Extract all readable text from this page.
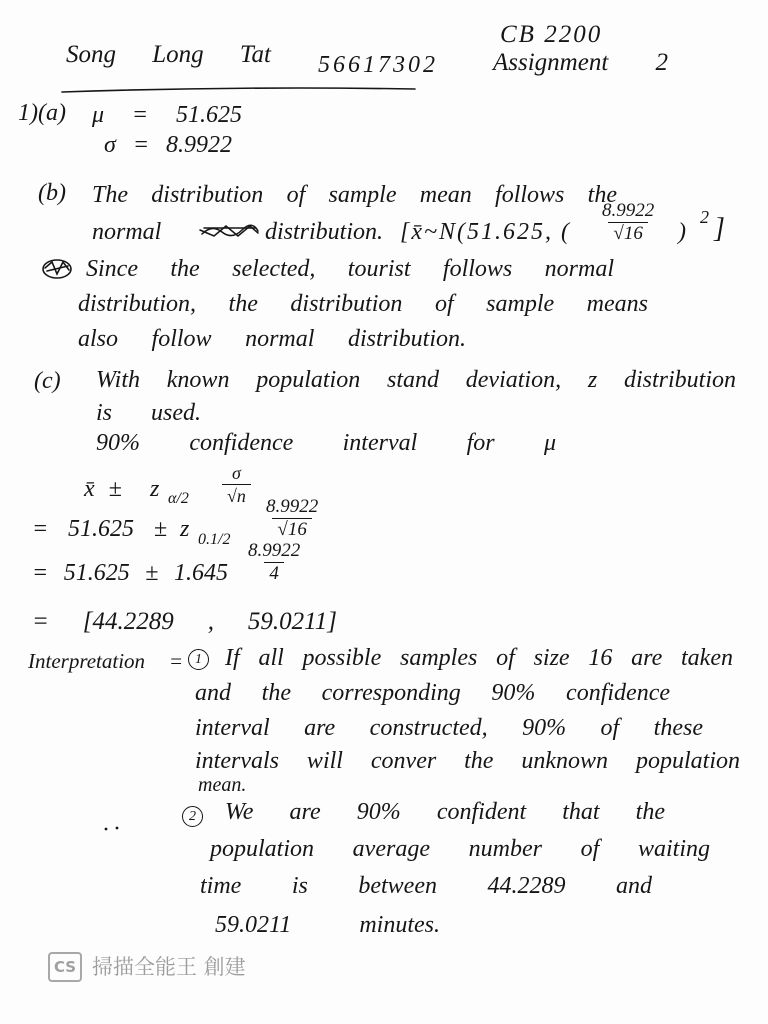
CB 2200
Assignment 2
Song Long Tat 56617302
1)(a) μ = 51.625
σ = 8.9922
(b) The distribution of sample mean follows the
normal	distribution. [x̄~N(51.625, ( $\frac{8.9922}{√16}$ )
2 ]
Since the selected, tourist follows normal
distribution, the distribution of sample means
also follow normal distribution.
(c) With known population stand deviation, z distribution
is used.
90% confidence interval for μ
x̄ ± z $\alpha/2 \frac{\sigma}{√n}$
= 51.625 ± z $0.1/2 \frac{8.9922}{√16}$
= $51.625 \pm 1.645 \frac{8.9922}{4}$
= [44.2289 , 59.0211]
Interpretation = 1 If all possible samples of size 16 are taken
and the corresponding 90% confidence
interval are constructed, 90% of these
intervals will conver the unknown population
mean.
2 We are 90% confident that the
population average number of waiting
time is between 44.2289 and
59.0211 minutes.
CS 掃描全能王 創建
